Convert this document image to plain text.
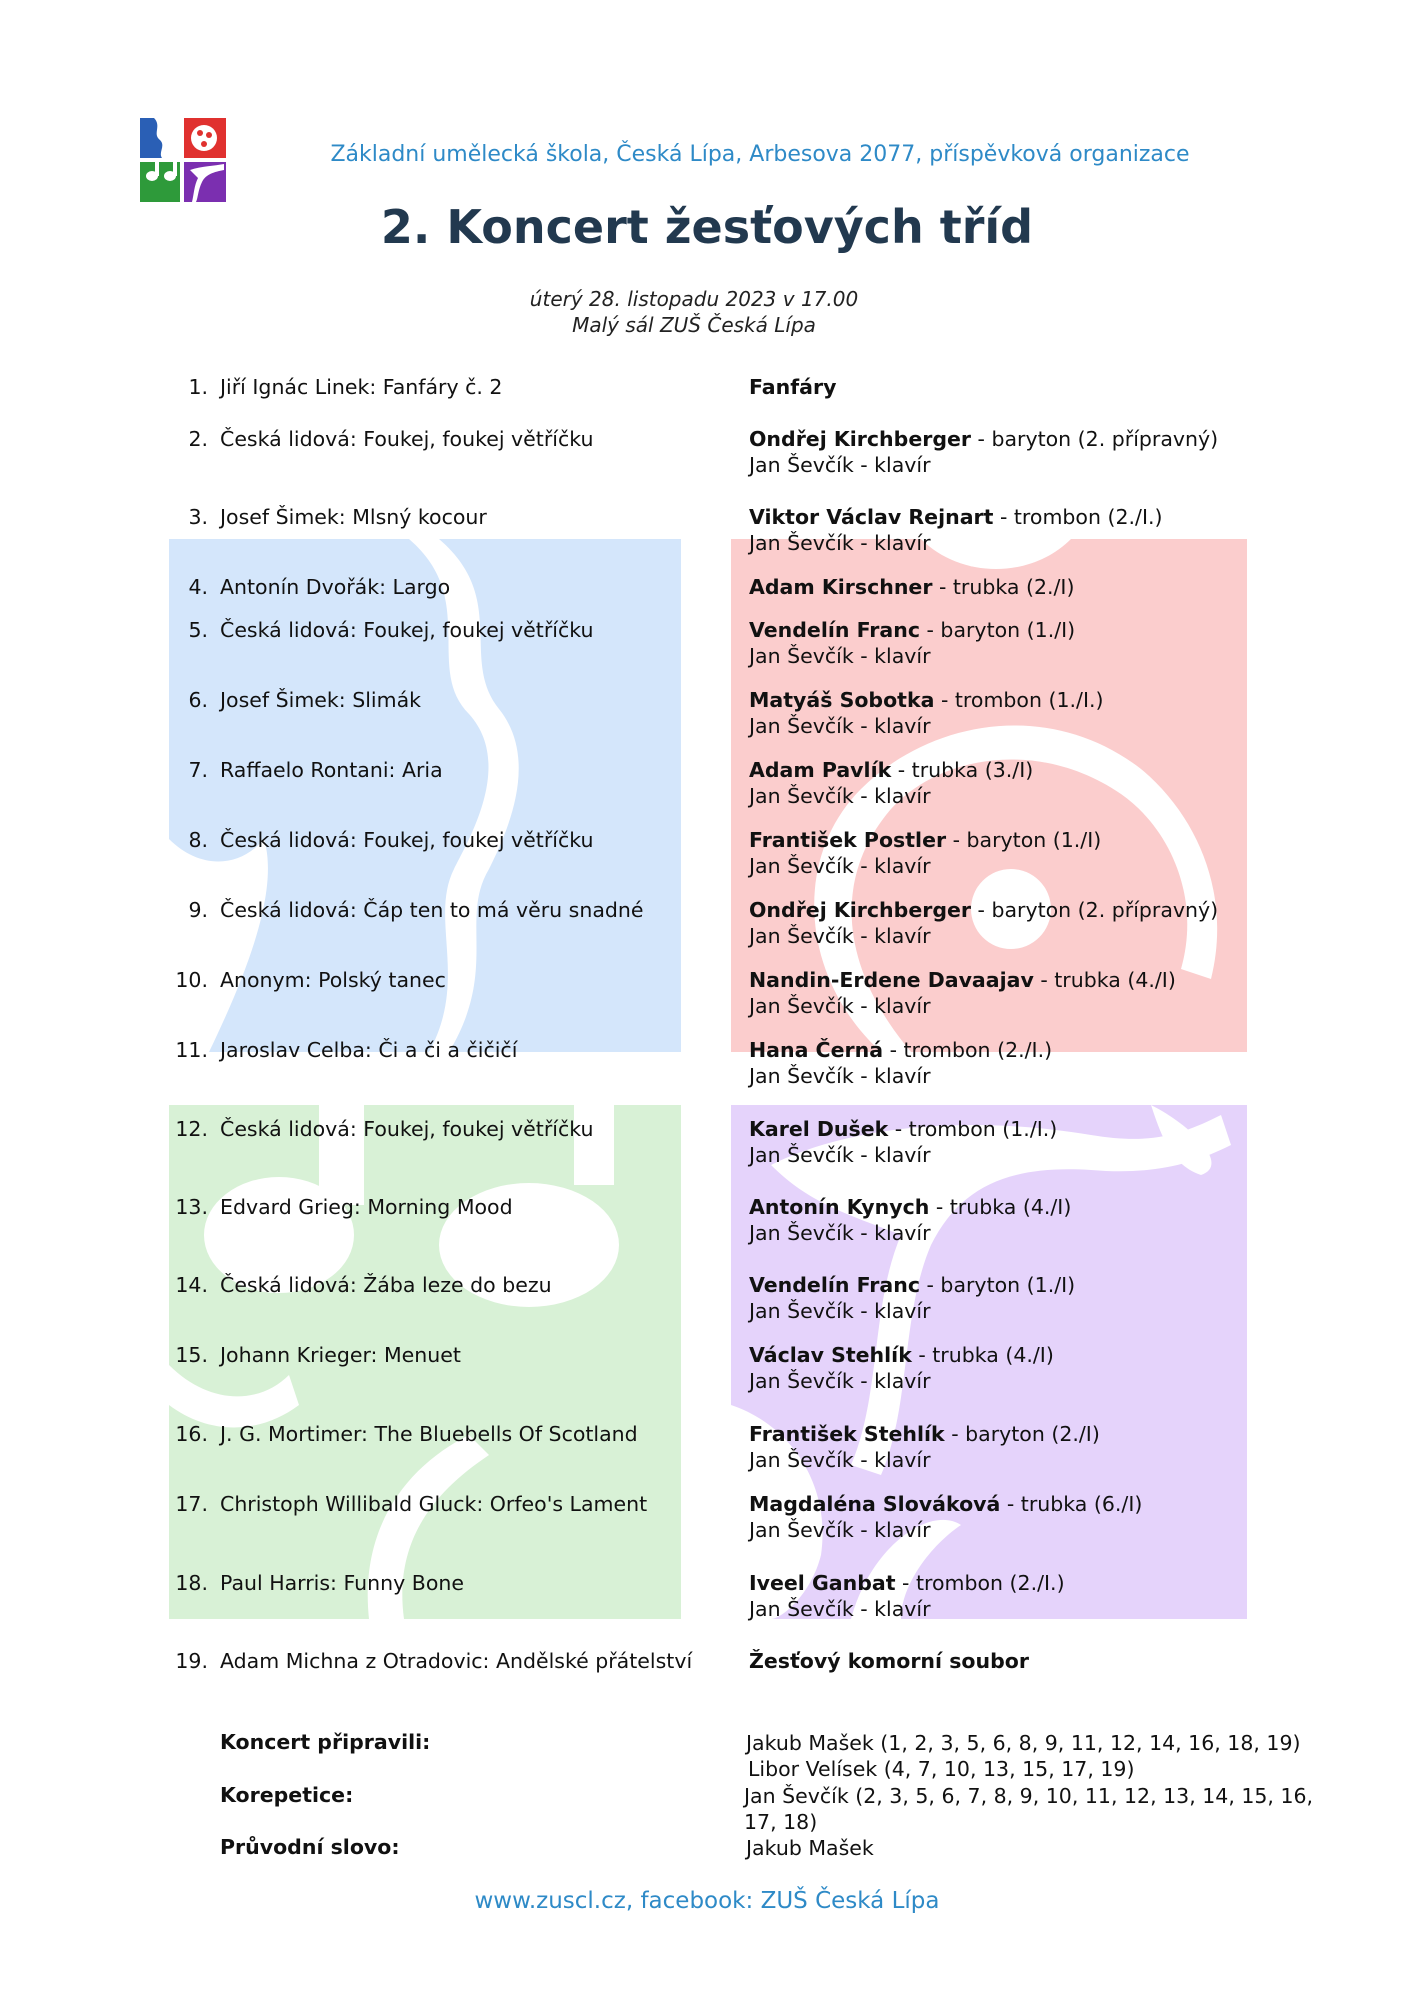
Základní umělecká škola, Česká Lípa, Arbesova 2077, příspěvková organizace
2. Koncert žesťových tříd
úterý 28. listopadu 2023 v 17.00
Malý sál ZUŠ Česká Lípa
1. Jiří Ignác Linek: Fanfáry č. 2	Fanfáry
2. Česká lidová: Foukej, foukej větříčku	Ondřej Kirchberger - baryton (2. přípravný)
Jan Ševčík - klavír
3. Josef Šimek: Mlsný kocour	Viktor Václav Rejnart - trombon (2./I.)
Jan Ševčík - klavír
4. Antonín Dvořák: Largo	Adam Kirschner - trubka (2./I)
5. Česká lidová: Foukej, foukej větříčku	Vendelín Franc - baryton (1./I)
Jan Ševčík - klavír
6. Josef Šimek: Slimák	Matyáš Sobotka - trombon (1./I.)
Jan Ševčík - klavír
7. Raffaelo Rontani: Aria	Adam Pavlík - trubka (3./I)
Jan Ševčík - klavír
8. Česká lidová: Foukej, foukej větříčku	František Postler - baryton (1./I)
Jan Ševčík - klavír
9. Česká lidová: Čáp ten to má věru snadné	Ondřej Kirchberger - baryton (2. přípravný)
Jan Ševčík - klavír
10. Anonym: Polský tanec	Nandin-Erdene Davaajav - trubka (4./I)
Jan Ševčík - klavír
11. Jaroslav Celba: Či a či a čičičí	Hana Černá - trombon (2./I.)
Jan Ševčík - klavír
12. Česká lidová: Foukej, foukej větříčku	Karel Dušek - trombon (1./I.)
Jan Ševčík - klavír
13. Edvard Grieg: Morning Mood	Antonín Kynych - trubka (4./I)
Jan Ševčík - klavír
14. Česká lidová: Žába leze do bezu	Vendelín Franc - baryton (1./I)
Jan Ševčík - klavír
15. Johann Krieger: Menuet	Václav Stehlík - trubka (4./I)
Jan Ševčík - klavír
16. J. G. Mortimer: The Bluebells Of Scotland	František Stehlík - baryton (2./I)
Jan Ševčík - klavír
17. Christoph Willibald Gluck: Orfeo's Lament	Magdaléna Slováková - trubka (6./I)
Jan Ševčík - klavír
18. Paul Harris: Funny Bone	Iveel Ganbat - trombon (2./I.)
Jan Ševčík - klavír
19. Adam Michna z Otradovic: Andělské přátelství	Žesťový komorní soubor
Koncert připravili:	Jakub Mašek (1, 2, 3, 5, 6, 8, 9, 11, 12, 14, 16, 18, 19)
Libor Velísek (4, 7, 10, 13, 15, 17, 19)
Korepetice:	Jan Ševčík (2, 3, 5, 6, 7, 8, 9, 10, 11, 12, 13, 14, 15, 16,
17, 18)
Průvodní slovo:	Jakub Mašek
www.zuscl.cz, facebook: ZUŠ Česká Lípa
